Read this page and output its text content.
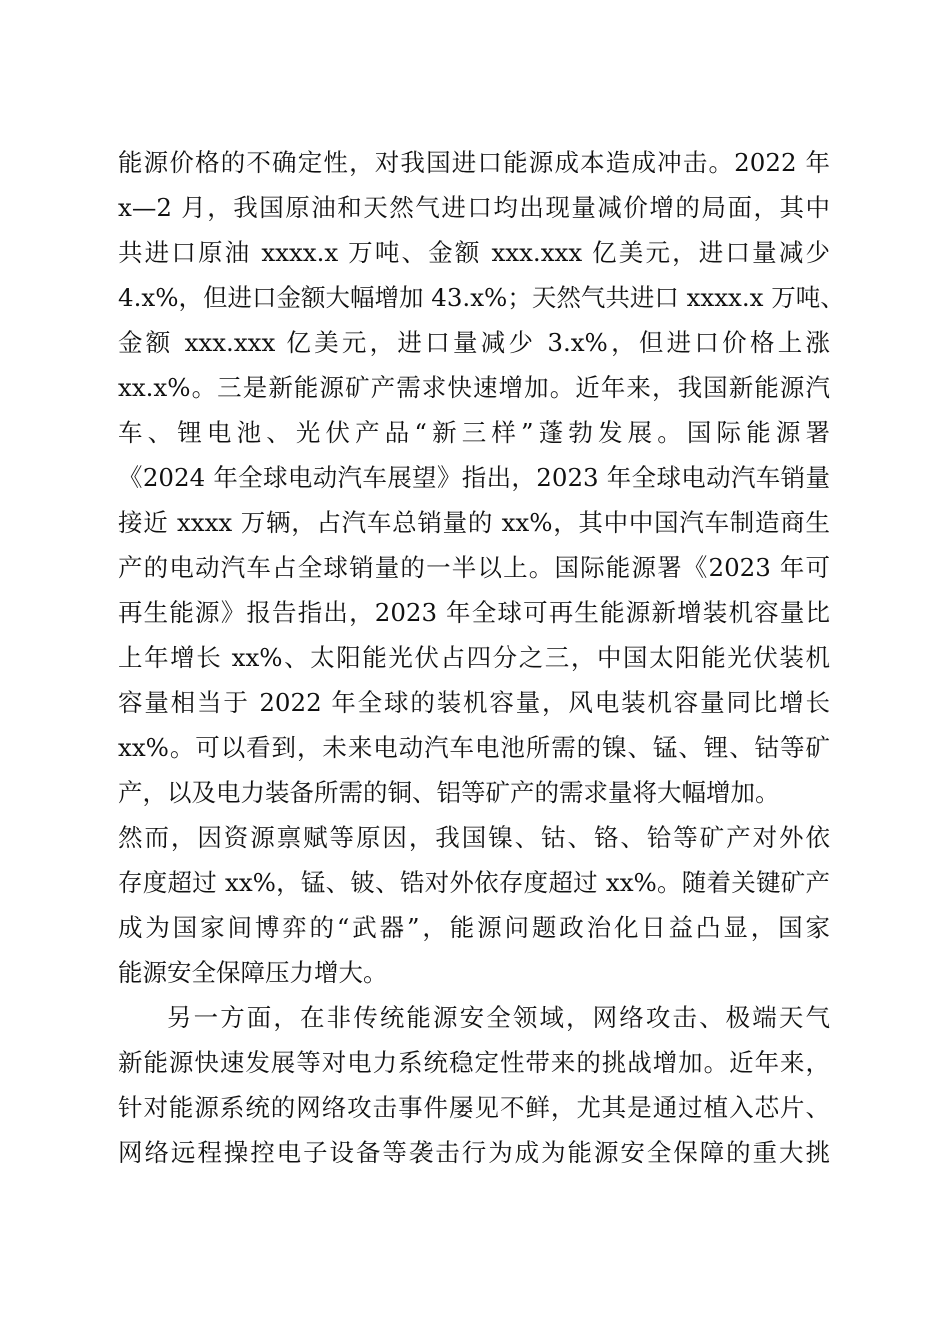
能源价格的不确定性，对我国进口能源成本造成冲击。2022 年
x—2 月，我国原油和天然气进口均出现量减价增的局面，其中
共进口原油 xxxx.x 万吨、金额 xxx.xxx 亿美元，进口量减少
4.x%，但进口金额大幅增加 43.x%；天然气共进口 xxxx.x 万吨、
金额 xxx.xxx 亿美元，进口量减少 3.x%，但进口价格上涨
xx.x%。三是新能源矿产需求快速增加。近年来，我国新能源汽
车、锂电池、光伏产品“新三样”蓬勃发展。国际能源署
《2024 年全球电动汽车展望》指出，2023 年全球电动汽车销量
接近 xxxx 万辆，占汽车总销量的 xx%，其中中国汽车制造商生
产的电动汽车占全球销量的一半以上。国际能源署《2023 年可
再生能源》报告指出，2023 年全球可再生能源新增装机容量比
上年增长 xx%、太阳能光伏占四分之三，中国太阳能光伏装机
容量相当于 2022 年全球的装机容量，风电装机容量同比增长
xx%。可以看到，未来电动汽车电池所需的镍、锰、锂、钴等矿
产，以及电力装备所需的铜、铝等矿产的需求量将大幅增加。
然而，因资源禀赋等原因，我国镍、钴、铬、铪等矿产对外依
存度超过 xx%，锰、铍、锆对外依存度超过 xx%。随着关键矿产
成为国家间博弈的“武器”，能源问题政治化日益凸显，国家
能源安全保障压力增大。
另一方面，在非传统能源安全领域，网络攻击、极端天气
新能源快速发展等对电力系统稳定性带来的挑战增加。近年来，
针对能源系统的网络攻击事件屡见不鲜，尤其是通过植入芯片、
网络远程操控电子设备等袭击行为成为能源安全保障的重大挑
